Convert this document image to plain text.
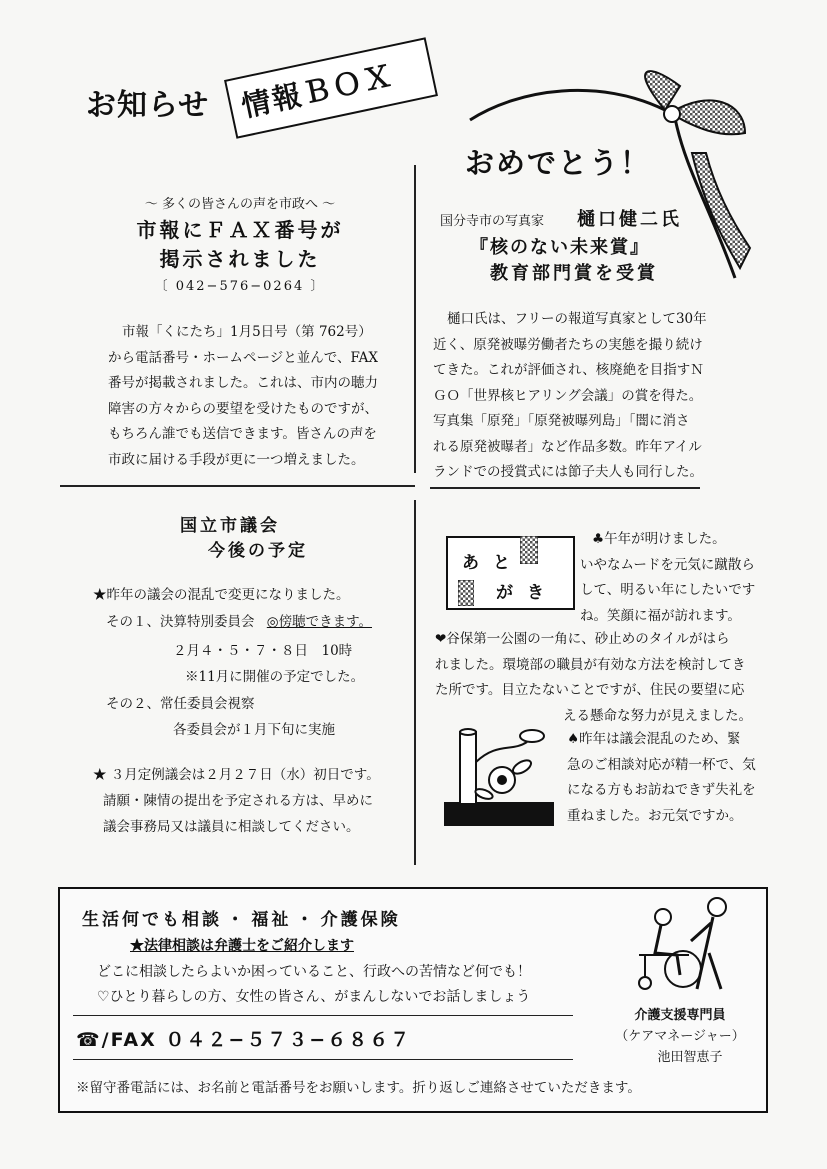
お知らせ	情報ＢＯＸ
〜 多くの皆さんの声を市政へ 〜
市報にＦＡＸ番号が
掲示されました
〔 042−576−0264 〕
市報「くにたち」1月5日号（第 762号）
から電話番号・ホームページと並んで、FAX
番号が掲載されました。これは、市内の聴力
障害の方々からの要望を受けたものですが、
もちろん誰でも送信できます。皆さんの声を
市政に届ける手段が更に一つ増えました。
おめでとう！
国分寺市の写真家 樋口健二氏
『核のない未来賞』
教育部門賞を受賞
樋口氏は、フリーの報道写真家として30年
近く、原発被曝労働者たちの実態を撮り続け
てきた。これが評価され、核廃絶を目指すＮ
ＧＯ「世界核ヒアリング会議」の賞を得た。
写真集「原発」「原発被曝列島」「闇に消さ
れる原発被曝者」など作品多数。昨年アイル
ランドでの授賞式には節子夫人も同行した。
国立市議会
今後の予定
★昨年の議会の混乱で変更になりました。
その１、決算特別委員会 ◎傍聴できます。
２月４・５・７・８日　10時
※11月に開催の予定でした。
その２、常任委員会視察
各委員会が１月下旬に実施
★ ３月定例議会は２月２７日（水）初日です。
請願・陳情の提出を予定される方は、早めに
議会事務局又は議員に相談してください。
あと
がき
♣午年が明けました。
いやなムードを元気に蹴散ら
して、明るい年にしたいです
ね。笑顔に福が訪れます。
❤谷保第一公園の一角に、砂止めのタイルがはら
れました。環境部の職員が有効な方法を検討してき
た所です。目立たないことですが、住民の要望に応
える懸命な努力が見えました。
♠昨年は議会混乱のため、緊
急のご相談対応が精一杯で、気
になる方もお訪ねできず失礼を
重ねました。お元気ですか。
生活何でも相談 ･ 福祉 ･ 介護保険
★法律相談は弁護士をご紹介します
どこに相談したらよいか困っていること、行政への苦情など何でも！
♡ひとり暮らしの方、女性の皆さん、がまんしないでお話しましょう
☎/FAX ０４２−５７３−６８６７
※留守番電話には、お名前と電話番号をお願いします。折り返しご連絡させていただきます。
介護支援専門員
（ケアマネージャー）
池田智恵子
